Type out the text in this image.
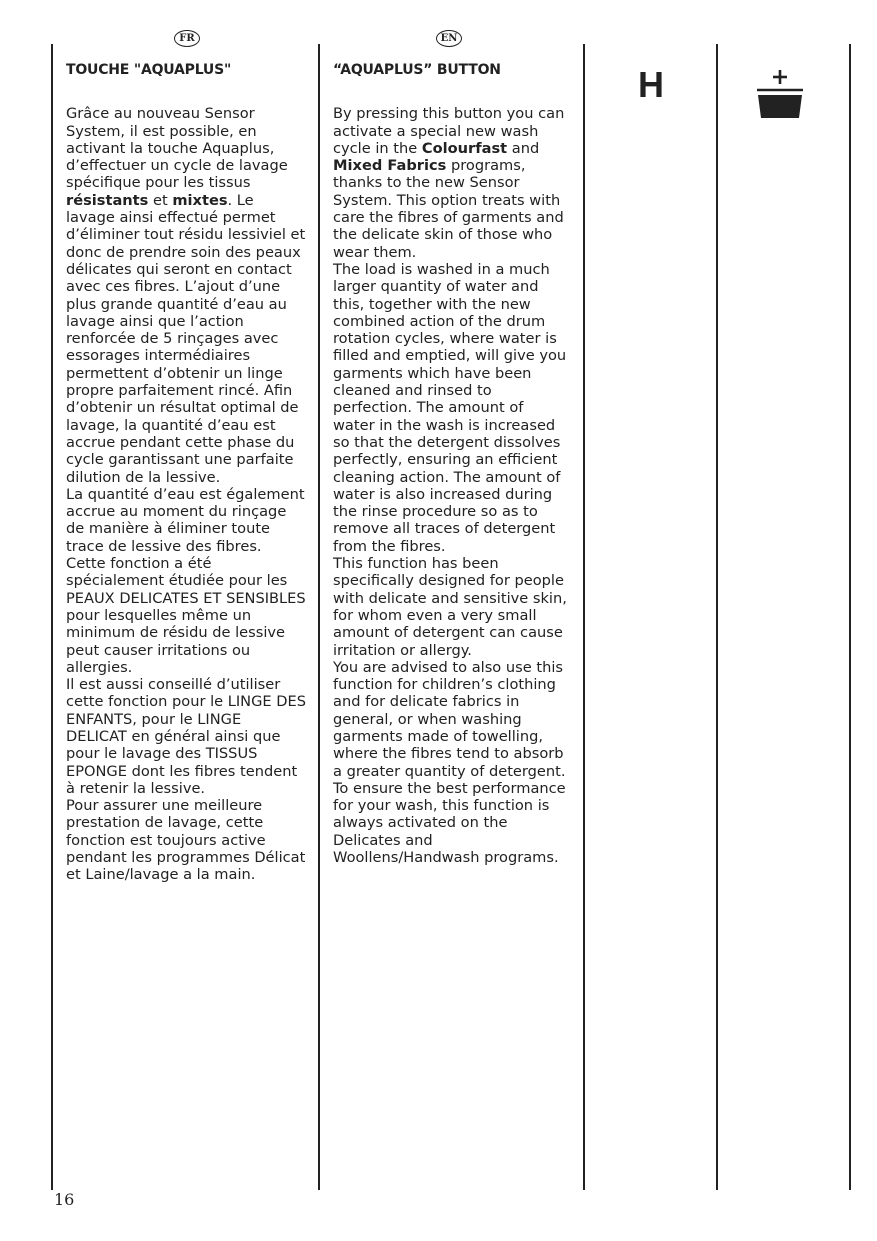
FR	EN
TOUCHE "AQUAPLUS"

Grâce au nouveau Sensor System, il est possible, en activant la touche Aquaplus, d’effectuer un cycle de lavage spécifique pour les tissus résistants et mixtes. Le lavage ainsi effectué permet d’éliminer tout résidu lessiviel et donc de prendre soin des peaux délicates qui seront en contact avec ces fibres. L’ajout d’une plus grande quantité d’eau au lavage ainsi que l’action renforcée de 5 rinçages avec essorages intermédiaires permettent d’obtenir un linge propre parfaitement rincé. Afin d’obtenir un résultat optimal de lavage, la quantité d’eau est accrue pendant cette phase du cycle garantissant une parfaite dilution de la lessive.

La quantité d’eau est également accrue au moment du rinçage de manière à éliminer toute trace de lessive des fibres.

Cette fonction a été spécialement étudiée pour les PEAUX DELICATES ET SENSIBLES pour lesquelles même un minimum de résidu de lessive peut causer irritations ou allergies.

Il est aussi conseillé d’utiliser cette fonction pour le LINGE DES ENFANTS, pour le LINGE DELICAT en général ainsi que pour le lavage des TISSUS EPONGE dont les fibres tendent à retenir la lessive.

Pour assurer une meilleure prestation de lavage, cette fonction est toujours active pendant les programmes Délicat et Laine/lavage a la main.

“AQUAPLUS” BUTTON

By pressing this button you can activate a special new wash cycle in the Colourfast and Mixed Fabrics programs, thanks to the new Sensor System. This option treats with care the fibres of garments and the delicate skin of those who wear them.

The load is washed in a much larger quantity of water and this, together with the new combined action of the drum rotation cycles, where water is filled and emptied, will give you garments which have been cleaned and rinsed to perfection. The amount of water in the wash is increased so that the detergent dissolves perfectly, ensuring an efficient cleaning action. The amount of water is also increased during the rinse procedure so as to remove all traces of detergent from the fibres.

This function has been specifically designed for people with delicate and sensitive skin, for whom even a very small amount of detergent can cause irritation or allergy.

You are advised to also use this function for children’s clothing and for delicate fabrics in general, or when washing garments made of towelling, where the fibres tend to absorb a greater quantity of detergent.

To ensure the best performance for your wash, this function is always activated on the Delicates and Woollens/Handwash programs.

H
16
